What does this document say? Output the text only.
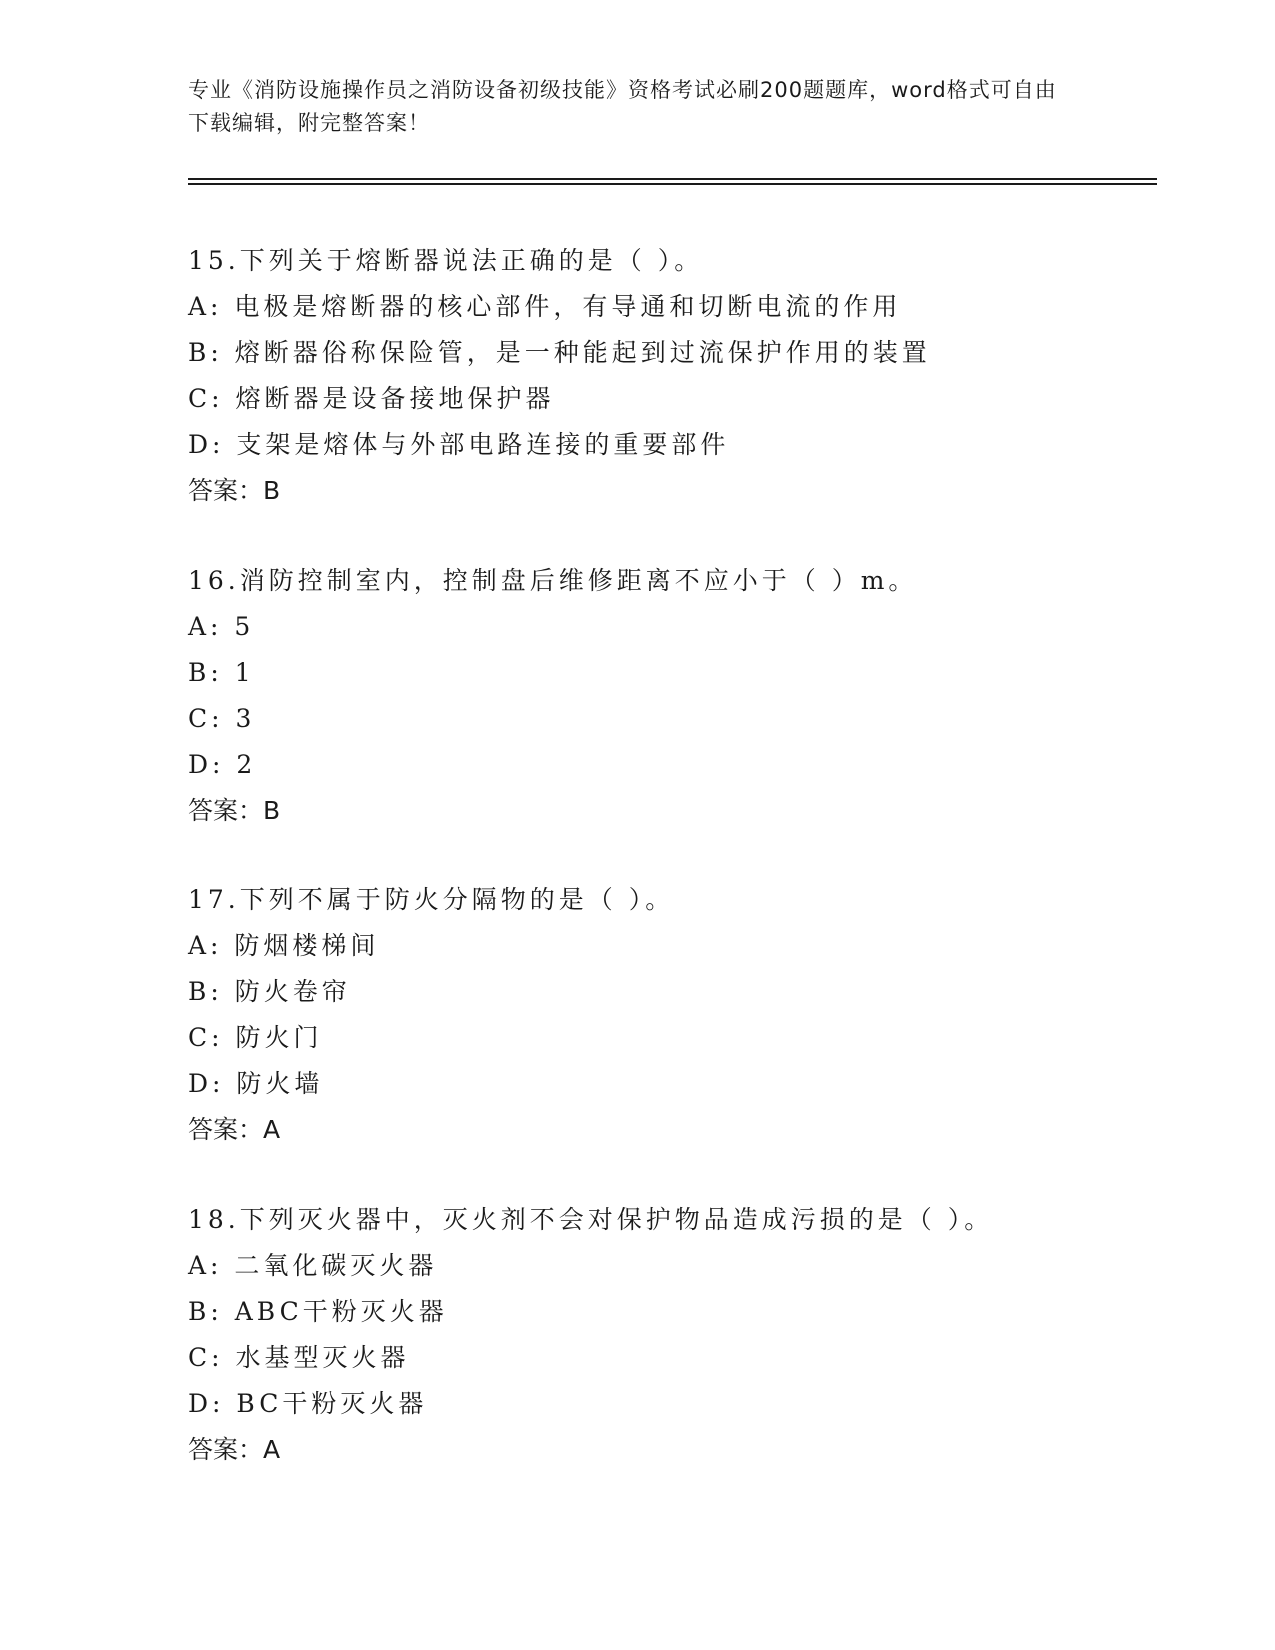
专业《消防设施操作员之消防设备初级技能》资格考试必刷200题题库，word格式可自由下载编辑，附完整答案！
15.下列关于熔断器说法正确的是（ ）。
A: 电极是熔断器的核心部件，有导通和切断电流的作用
B: 熔断器俗称保险管，是一种能起到过流保护作用的装置
C: 熔断器是设备接地保护器
D: 支架是熔体与外部电路连接的重要部件
答案：B
16.消防控制室内，控制盘后维修距离不应小于（ ）m。
A: 5
B: 1
C: 3
D: 2
答案：B
17.下列不属于防火分隔物的是（ ）。
A: 防烟楼梯间
B: 防火卷帘
C: 防火门
D: 防火墙
答案：A
18.下列灭火器中，灭火剂不会对保护物品造成污损的是（ ）。
A: 二氧化碳灭火器
B: ABC干粉灭火器
C: 水基型灭火器
D: BC干粉灭火器
答案：A
